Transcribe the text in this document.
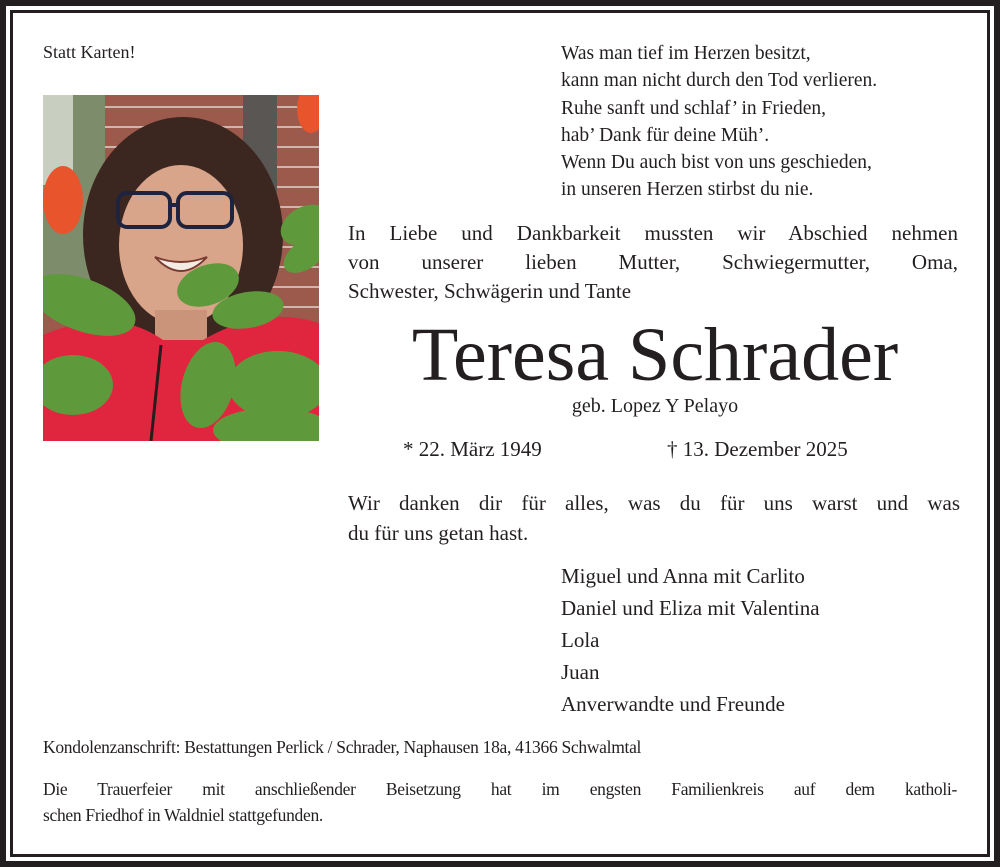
Statt Karten!	Was man tief im Herzen besitzt,
kann man nicht durch den Tod verlieren.
Ruhe sanft und schlaf’ in Frieden,
hab’ Dank für deine Müh’.
Wenn Du auch bist von uns geschieden,
in unseren Herzen stirbst du nie.
In Liebe und Dankbarkeit mussten wir Abschied nehmen
von unserer lieben Mutter, Schwiegermutter, Oma,
Schwester, Schwägerin und Tante
Teresa Schrader
geb. Lopez Y Pelayo
* 22. März 1949	† 13. Dezember 2025
Wir danken dir für alles, was du für uns warst und was
du für uns getan hast.
Miguel und Anna mit Carlito
Daniel und Eliza mit Valentina
Lola
Juan
Anverwandte und Freunde
Kondolenzanschrift: Bestattungen Perlick / Schrader, Naphausen 18a, 41366 Schwalmtal
Die Trauerfeier mit anschließender Beisetzung hat im engsten Familienkreis auf dem katholi-
schen Friedhof in Waldniel stattgefunden.
